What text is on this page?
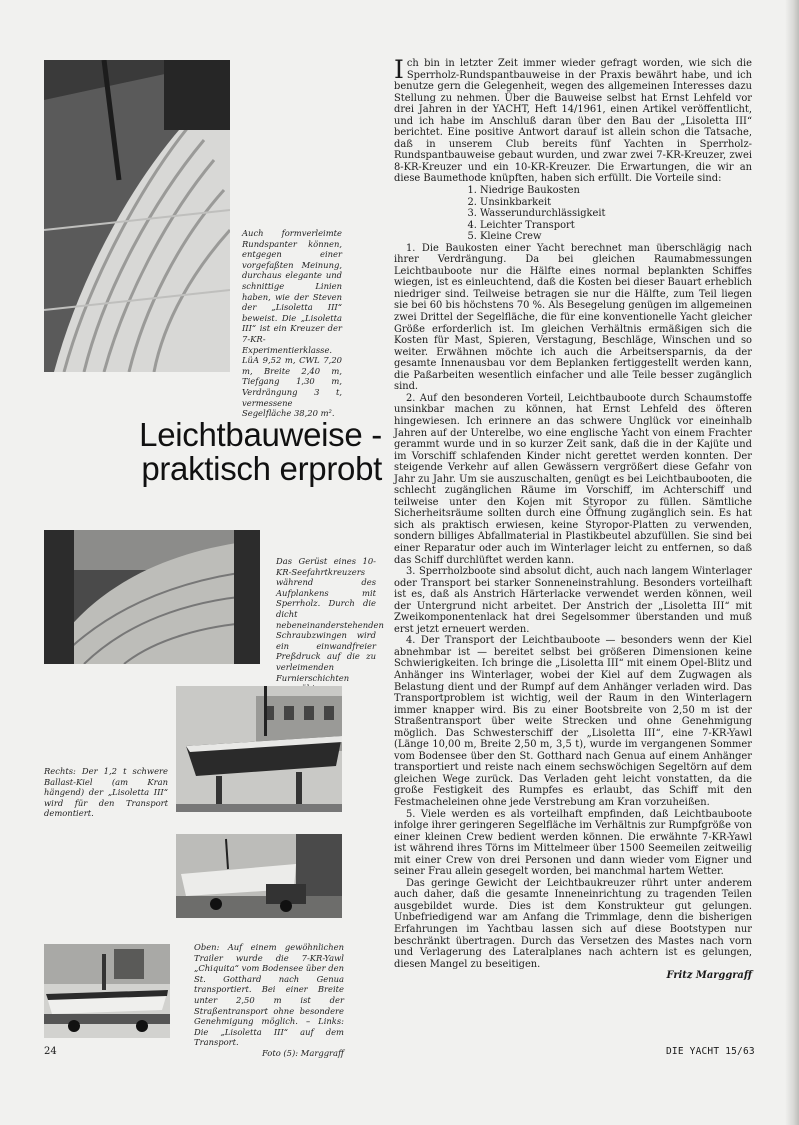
Auch formverleimte Rundspanter können, entgegen einer vorgefaßten Meinung, durchaus elegante und schnittige Linien haben, wie der Steven der „Lisoletta III“ beweist. Die „Lisoletta III“ ist ein Kreuzer der 7-KR-Experimentierklasse. LüA 9,52 m, CWL 7,20 m, Breite 2,40 m, Tiefgang 1,30 m, Verdrängung 3 t, vermessene Segelfläche 38,20 m².

Leichtbauweise -
praktisch erprobt

Das Gerüst eines 10-KR-Seefahrtkreuzers während des Aufplankens mit Sperrholz. Durch die dicht nebeneinanderstehenden Schraubzwingen wird ein einwandfreier Preßdruck auf die zu verleimenden Furnierschichten

Rechts: Der 1,2 t schwere Ballast-Kiel (am Kran hängend) der „Lisoletta III“ wird für den Transport demontiert.

Oben: Auf einem gewöhnlichen Trailer wurde die 7-KR-Yawl „Chiquita“ vom Bodensee über den St. Gotthard nach Genua transportiert. Bei einer Breite unter 2,50 m ist der Straßentransport ohne besondere Genehmigung möglich. – Links: Die „Lisoletta III“ auf dem Transport.

Foto (5): Marggraff

Ich bin in letzter Zeit immer wieder gefragt worden, wie sich die Sperrholz-Rundspantbauweise in der Praxis bewährt habe, und ich benutze gern die Gelegenheit, wegen des allgemeinen Interesses dazu Stellung zu nehmen. Über die Bauweise selbst hat Ernst Lehfeld vor drei Jahren in der YACHT, Heft 14/1961, einen Artikel veröffentlicht, und ich habe im Anschluß daran über den Bau der „Lisoletta III“ berichtet. Eine positive Antwort darauf ist allein schon die Tatsache, daß in unserem Club bereits fünf Yachten in Sperrholz-Rundspantbauweise gebaut wurden, und zwar zwei 7-KR-Kreuzer, zwei 8-KR-Kreuzer und ein 10-KR-Kreuzer. Die Erwartungen, die wir an diese Baumethode knüpften, haben sich erfüllt. Die Vorteile sind:

1. Niedrige Baukosten
2. Unsinkbarkeit
3. Wasserundurchlässigkeit
4. Leichter Transport
5. Kleine Crew

1. Die Baukosten einer Yacht berechnet man überschlägig nach ihrer Verdrängung. Da bei gleichen Raumabmessungen Leichtbauboote nur die Hälfte eines normal beplankten Schiffes wiegen, ist es einleuchtend, daß die Kosten bei dieser Bauart erheblich niedriger sind. Teilweise betragen sie nur die Hälfte, zum Teil liegen sie bei 60 bis höchstens 70 %. Als Besegelung genügen im allgemeinen zwei Drittel der Segelfläche, die für eine konventionelle Yacht gleicher Größe erforderlich ist. Im gleichen Verhältnis ermäßigen sich die Kosten für Mast, Spieren, Verstagung, Beschläge, Winschen und so weiter. Erwähnen möchte ich auch die Arbeitsersparnis, da der gesamte Innenausbau vor dem Beplanken fertiggestellt werden kann, die Paßarbeiten wesentlich einfacher und alle Teile besser zugänglich sind.

2. Auf den besonderen Vorteil, Leichtbauboote durch Schaumstoffe unsinkbar machen zu können, hat Ernst Lehfeld des öfteren hingewiesen. Ich erinnere an das schwere Unglück vor eineinhalb Jahren auf der Unterelbe, wo eine englische Yacht von einem Frachter gerammt wurde und in so kurzer Zeit sank, daß die in der Kajüte und im Vorschiff schlafenden Kinder nicht gerettet werden konnten. Der steigende Verkehr auf allen Gewässern vergrößert diese Gefahr von Jahr zu Jahr. Um sie auszuschalten, genügt es bei Leichtbaubooten, die schlecht zugänglichen Räume im Vorschiff, im Achterschiff und teilweise unter den Kojen mit Styropor zu füllen. Sämtliche Sicherheitsräume sollten durch eine Öffnung zugänglich sein. Es hat sich als praktisch erwiesen, keine Styropor-Platten zu verwenden, sondern billiges Abfallmaterial in Plastikbeutel abzufüllen. Sie sind bei einer Reparatur oder auch im Winterlager leicht zu entfernen, so daß das Schiff durchlüftet werden kann.

3. Sperrholzboote sind absolut dicht, auch nach langem Winterlager oder Transport bei starker Sonneneinstrahlung. Besonders vorteilhaft ist es, daß als Anstrich Härterlacke verwendet werden können, weil der Untergrund nicht arbeitet. Der Anstrich der „Lisoletta III“ mit Zweikomponentenlack hat drei Segelsommer überstanden und muß erst jetzt erneuert werden.

4. Der Transport der Leichtbauboote — besonders wenn der Kiel abnehmbar ist — bereitet selbst bei größeren Dimensionen keine Schwierigkeiten. Ich bringe die „Lisoletta III“ mit einem Opel-Blitz und Anhänger ins Winterlager, wobei der Kiel auf dem Zugwagen als Belastung dient und der Rumpf auf dem Anhänger verladen wird. Das Transportproblem ist wichtig, weil der Raum in den Winterlagern immer knapper wird. Bis zu einer Bootsbreite von 2,50 m ist der Straßentransport über weite Strecken und ohne Genehmigung möglich. Das Schwesterschiff der „Lisoletta III“, eine 7-KR-Yawl (Länge 10,00 m, Breite 2,50 m, 3,5 t), wurde im vergangenen Sommer vom Bodensee über den St. Gotthard nach Genua auf einem Anhänger transportiert und reiste nach einem sechswöchigen Segeltörn auf dem gleichen Wege zurück. Das Verladen geht leicht vonstatten, da die große Festigkeit des Rumpfes es erlaubt, das Schiff mit den Festmacheleinen ohne jede Verstrebung am Kran vorzuheißen.

5. Viele werden es als vorteilhaft empfinden, daß Leichtbauboote infolge ihrer geringeren Segelfläche im Verhältnis zur Rumpfgröße von einer kleinen Crew bedient werden können. Die erwähnte 7-KR-Yawl ist während ihres Törns im Mittelmeer über 1500 Seemeilen zeitweilig mit einer Crew von drei Personen und dann wieder vom Eigner und seiner Frau allein gesegelt worden, bei manchmal hartem Wetter.

Das geringe Gewicht der Leichtbaukreuzer rührt unter anderem auch daher, daß die gesamte Inneneinrichtung zu tragenden Teilen ausgebildet wurde. Dies ist dem Konstrukteur gut gelungen. Unbefriedigend war am Anfang die Trimmlage, denn die bisherigen Erfahrungen im Yachtbau lassen sich auf diese Bootstypen nur beschränkt übertragen. Durch das Versetzen des Mastes nach vorn und Verlagerung des Lateralplanes nach achtern ist es gelungen, diesen Mangel zu beseitigen.

Fritz Marggraff
24	DIE YACHT 15/63
